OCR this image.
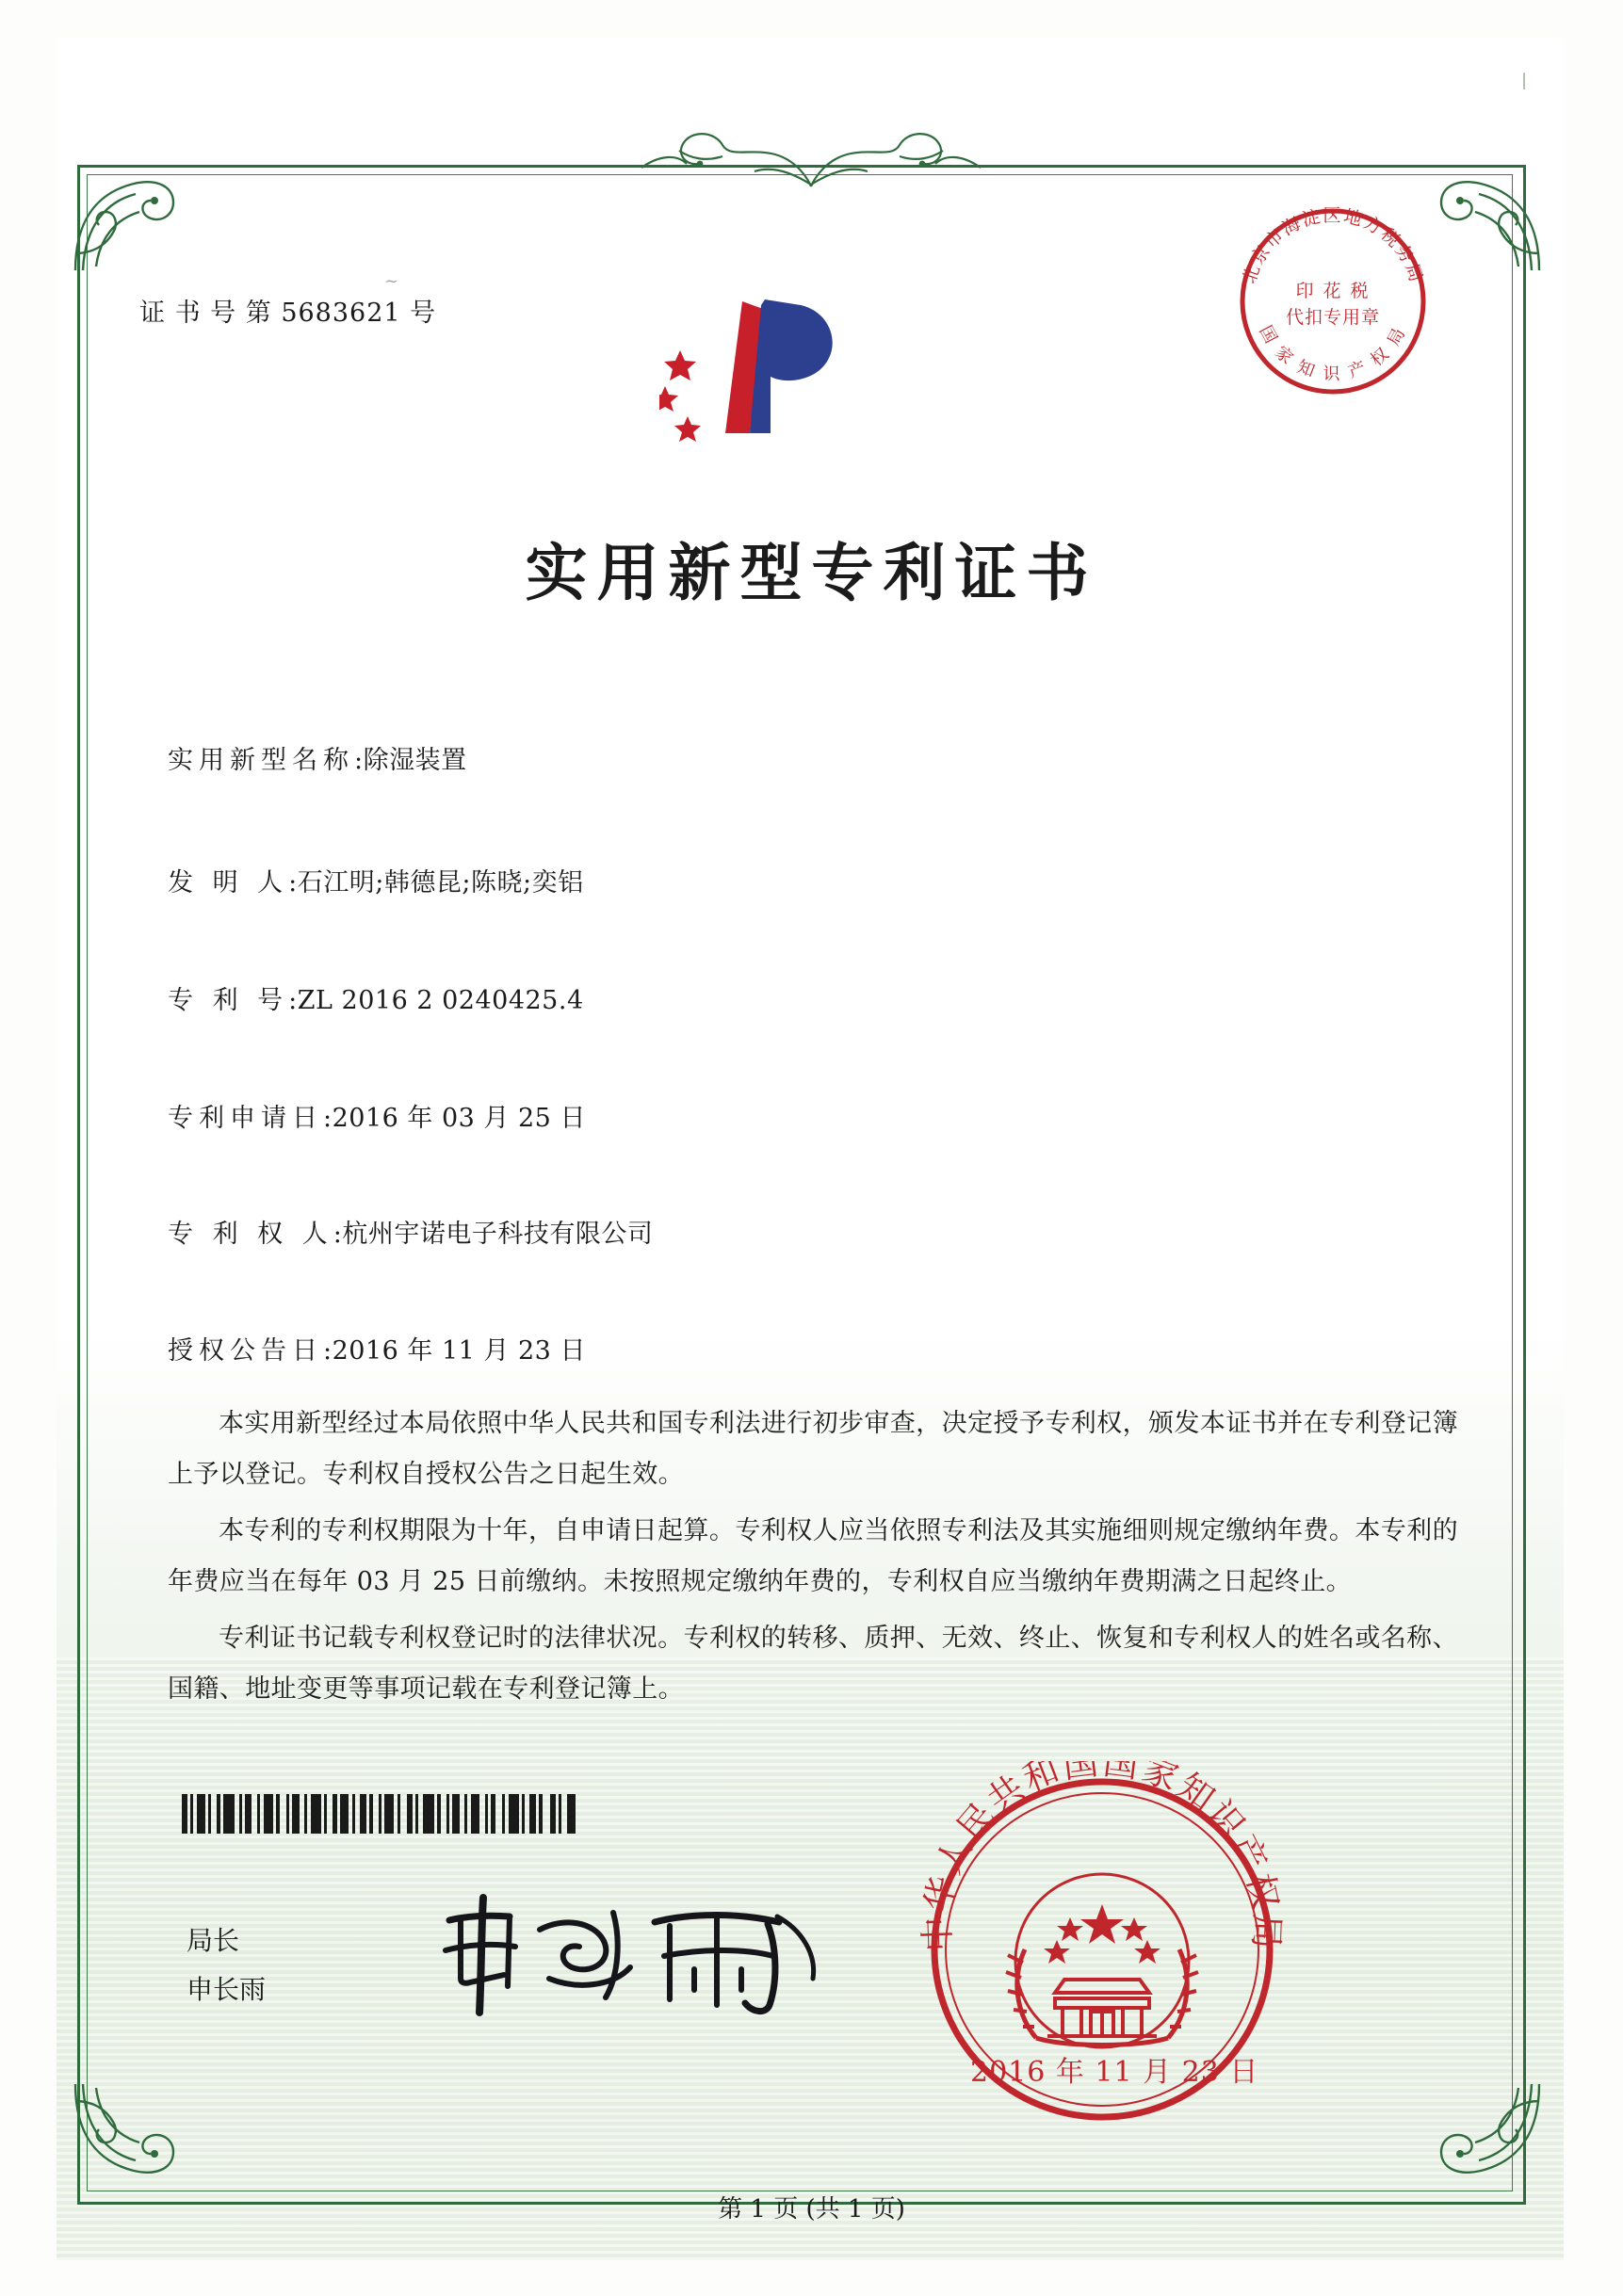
证 书 号 第 5683621 号
~
|
实用新型专利证书
实用新型名称:除湿装置
发 明 人:石江明;韩德昆;陈晓;奕铝
专 利 号:ZL 2016 2 0240425.4
专利申请日:2016 年 03 月 25 日
专 利 权 人:杭州宇诺电子科技有限公司
授权公告日:2016 年 11 月 23 日

本实用新型经过本局依照中华人民共和国专利法进行初步审查，决定授予专利权，颁发本证书并在专利登记簿上予以登记。专利权自授权公告之日起生效。

本专利的专利权期限为十年，自申请日起算。专利权人应当依照专利法及其实施细则规定缴纳年费。本专利的年费应当在每年 03 月 25 日前缴纳。未按照规定缴纳年费的，专利权自应当缴纳年费期满之日起终止。

专利证书记载专利权登记时的法律状况。专利权的转移、质押、无效、终止、恢复和专利权人的姓名或名称、国籍、地址变更等事项记载在专利登记簿上。

局长
申长雨
北京市海淀区地方税务局
国 家 知 识 产 权 局
印 花 税
代扣专用章
中华人民共和国国家知识产权局
2016 年 11 月 23 日
第 1 页 (共 1 页)
